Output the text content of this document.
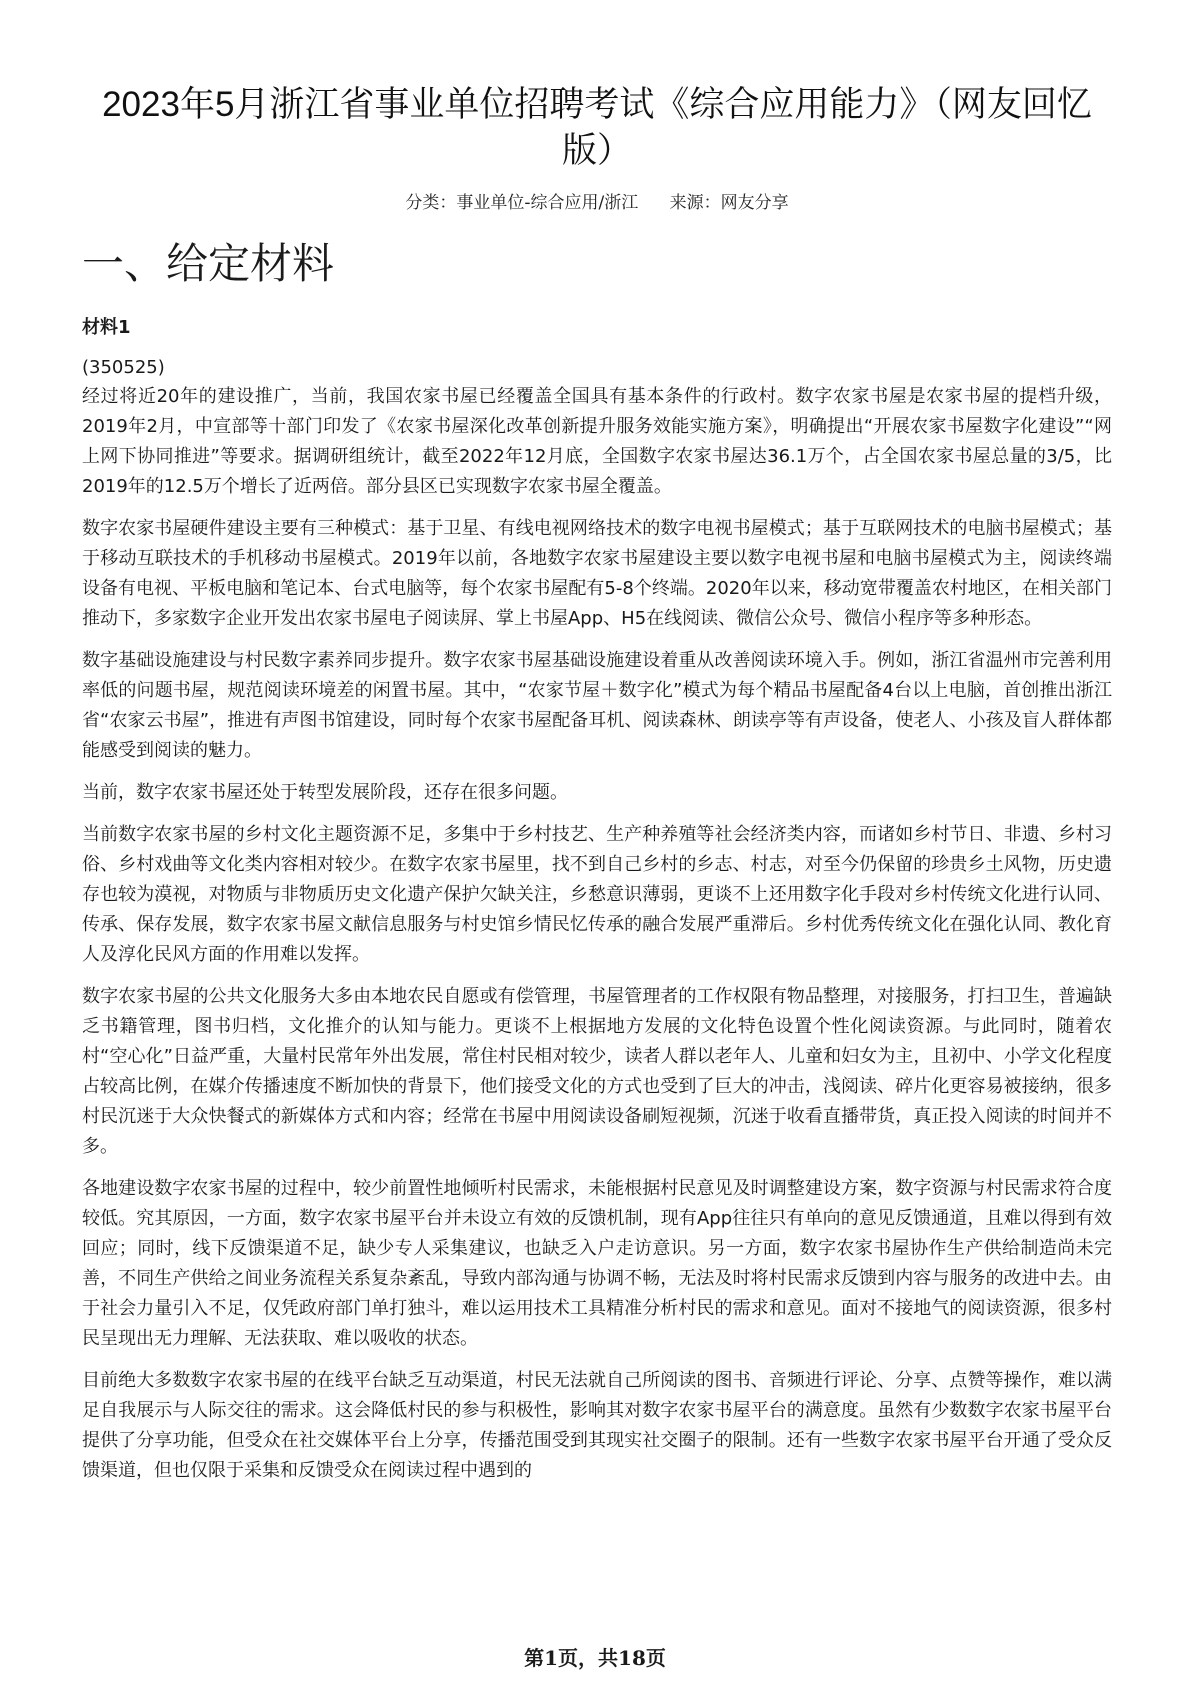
2023年5月浙江省事业单位招聘考试《综合应用能力》（网友回忆版）
分类：事业单位-综合应用/浙江 来源：网友分享
一、给定材料
材料1
(350525)

经过将近20年的建设推广，当前，我国农家书屋已经覆盖全国具有基本条件的行政村。数字农家书屋是农家书屋的提档升级，2019年2月，中宣部等十部门印发了《农家书屋深化改革创新提升服务效能实施方案》，明确提出“开展农家书屋数字化建设”“网上网下协同推进”等要求。据调研组统计，截至2022年12月底，全国数字农家书屋达36.1万个，占全国农家书屋总量的3/5，比2019年的12.5万个增长了近两倍。部分县区已实现数字农家书屋全覆盖。

数字农家书屋硬件建设主要有三种模式：基于卫星、有线电视网络技术的数字电视书屋模式；基于互联网技术的电脑书屋模式；基于移动互联技术的手机移动书屋模式。2019年以前，各地数字农家书屋建设主要以数字电视书屋和电脑书屋模式为主，阅读终端设备有电视、平板电脑和笔记本、台式电脑等，每个农家书屋配有5-8个终端。2020年以来，移动宽带覆盖农村地区，在相关部门推动下，多家数字企业开发出农家书屋电子阅读屏、掌上书屋App、H5在线阅读、微信公众号、微信小程序等多种形态。

数字基础设施建设与村民数字素养同步提升。数字农家书屋基础设施建设着重从改善阅读环境入手。例如，浙江省温州市完善利用率低的问题书屋，规范阅读环境差的闲置书屋。其中，“农家节屋＋数字化”模式为每个精品书屋配备4台以上电脑，首创推出浙江省“农家云书屋”，推进有声图书馆建设，同时每个农家书屋配备耳机、阅读森林、朗读亭等有声设备，使老人、小孩及盲人群体都能感受到阅读的魅力。

当前，数字农家书屋还处于转型发展阶段，还存在很多问题。

当前数字农家书屋的乡村文化主题资源不足，多集中于乡村技艺、生产种养殖等社会经济类内容，而诸如乡村节日、非遗、乡村习俗、乡村戏曲等文化类内容相对较少。在数字农家书屋里，找不到自己乡村的乡志、村志，对至今仍保留的珍贵乡土风物，历史遗存也较为漠视，对物质与非物质历史文化遗产保护欠缺关注，乡愁意识薄弱，更谈不上还用数字化手段对乡村传统文化进行认同、传承、保存发展，数字农家书屋文献信息服务与村史馆乡情民忆传承的融合发展严重滞后。乡村优秀传统文化在强化认同、教化育人及淳化民风方面的作用难以发挥。

数字农家书屋的公共文化服务大多由本地农民自愿或有偿管理，书屋管理者的工作权限有物品整理，对接服务，打扫卫生，普遍缺乏书籍管理，图书归档，文化推介的认知与能力。更谈不上根据地方发展的文化特色设置个性化阅读资源。与此同时，随着农村“空心化”日益严重，大量村民常年外出发展，常住村民相对较少，读者人群以老年人、儿童和妇女为主，且初中、小学文化程度占较高比例，在媒介传播速度不断加快的背景下，他们接受文化的方式也受到了巨大的冲击，浅阅读、碎片化更容易被接纳，很多村民沉迷于大众快餐式的新媒体方式和内容；经常在书屋中用阅读设备刷短视频，沉迷于收看直播带货，真正投入阅读的时间并不多。

各地建设数字农家书屋的过程中，较少前置性地倾听村民需求，未能根据村民意见及时调整建设方案，数字资源与村民需求符合度较低。究其原因，一方面，数字农家书屋平台并未设立有效的反馈机制，现有App往往只有单向的意见反馈通道，且难以得到有效回应；同时，线下反馈渠道不足，缺少专人采集建议，也缺乏入户走访意识。另一方面，数字农家书屋协作生产供给制造尚未完善，不同生产供给之间业务流程关系复杂紊乱，导致内部沟通与协调不畅，无法及时将村民需求反馈到内容与服务的改进中去。由于社会力量引入不足，仅凭政府部门单打独斗，难以运用技术工具精准分析村民的需求和意见。面对不接地气的阅读资源，很多村民呈现出无力理解、无法获取、难以吸收的状态。

目前绝大多数数字农家书屋的在线平台缺乏互动渠道，村民无法就自己所阅读的图书、音频进行评论、分享、点赞等操作，难以满足自我展示与人际交往的需求。这会降低村民的参与积极性，影响其对数字农家书屋平台的满意度。虽然有少数数字农家书屋平台提供了分享功能，但受众在社交媒体平台上分享，传播范围受到其现实社交圈子的限制。还有一些数字农家书屋平台开通了受众反馈渠道，但也仅限于采集和反馈受众在阅读过程中遇到的

第1页，共18页
